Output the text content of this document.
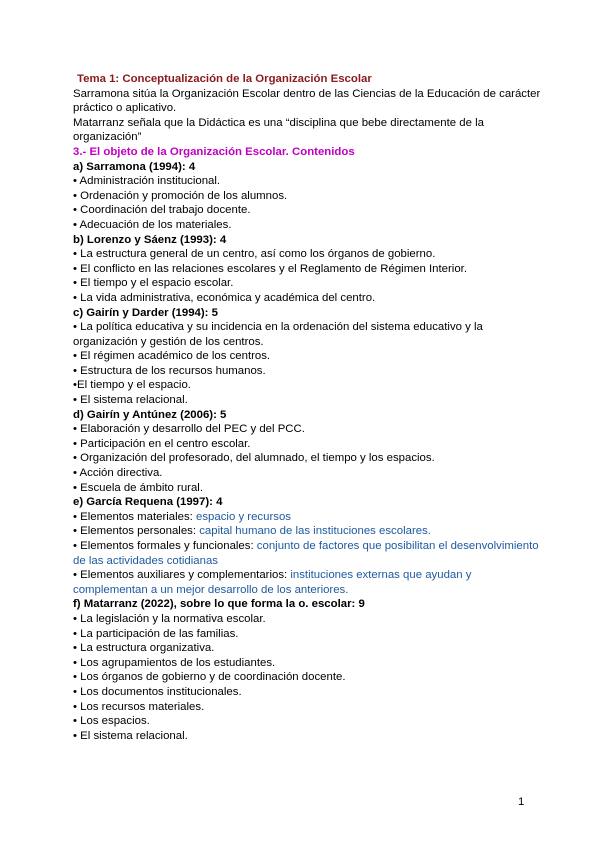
Tema 1: Conceptualización de la Organización Escolar

Sarramona sitúa la Organización Escolar dentro de las Ciencias de la Educación de carácter práctico o aplicativo.

Matarranz señala que la Didáctica es una “disciplina que bebe directamente de la organización”

3.- El objeto de la Organización Escolar. Contenidos

a) Sarramona (1994): 4

• Administración institucional.

• Ordenación y promoción de los alumnos.

• Coordinación del trabajo docente.

• Adecuación de los materiales.

b) Lorenzo y Sáenz (1993): 4

• La estructura general de un centro, así como los órganos de gobierno.

• El conflicto en las relaciones escolares y el Reglamento de Régimen Interior.

• El tiempo y el espacio escolar.

• La vida administrativa, económica y académica del centro.

c) Gairín y Darder (1994): 5

• La política educativa y su incidencia en la ordenación del sistema educativo y la organización y gestión de los centros.

• El régimen académico de los centros.

• Estructura de los recursos humanos.

• El tiempo y el espacio.

• El sistema relacional.

d) Gairín y Antúnez (2006): 5

• Elaboración y desarrollo del PEC y del PCC.

• Participación en el centro escolar.

• Organización del profesorado, del alumnado, el tiempo y los espacios.

• Acción directiva.

• Escuela de ámbito rural.

e) García Requena (1997): 4

• Elementos materiales: espacio y recursos

• Elementos personales: capital humano de las instituciones escolares.

• Elementos formales y funcionales: conjunto de factores que posibilitan el desenvolvimiento de las actividades cotidianas

• Elementos auxiliares y complementarios: instituciones externas que ayudan y complementan a un mejor desarrollo de los anteriores.

f) Matarranz (2022), sobre lo que forma la o. escolar: 9

• La legislación y la normativa escolar.

• La participación de las familias.

• La estructura organizativa.

• Los agrupamientos de los estudiantes.

• Los órganos de gobierno y de coordinación docente.

• Los documentos institucionales.

• Los recursos materiales.

• Los espacios.

• El sistema relacional.

1
